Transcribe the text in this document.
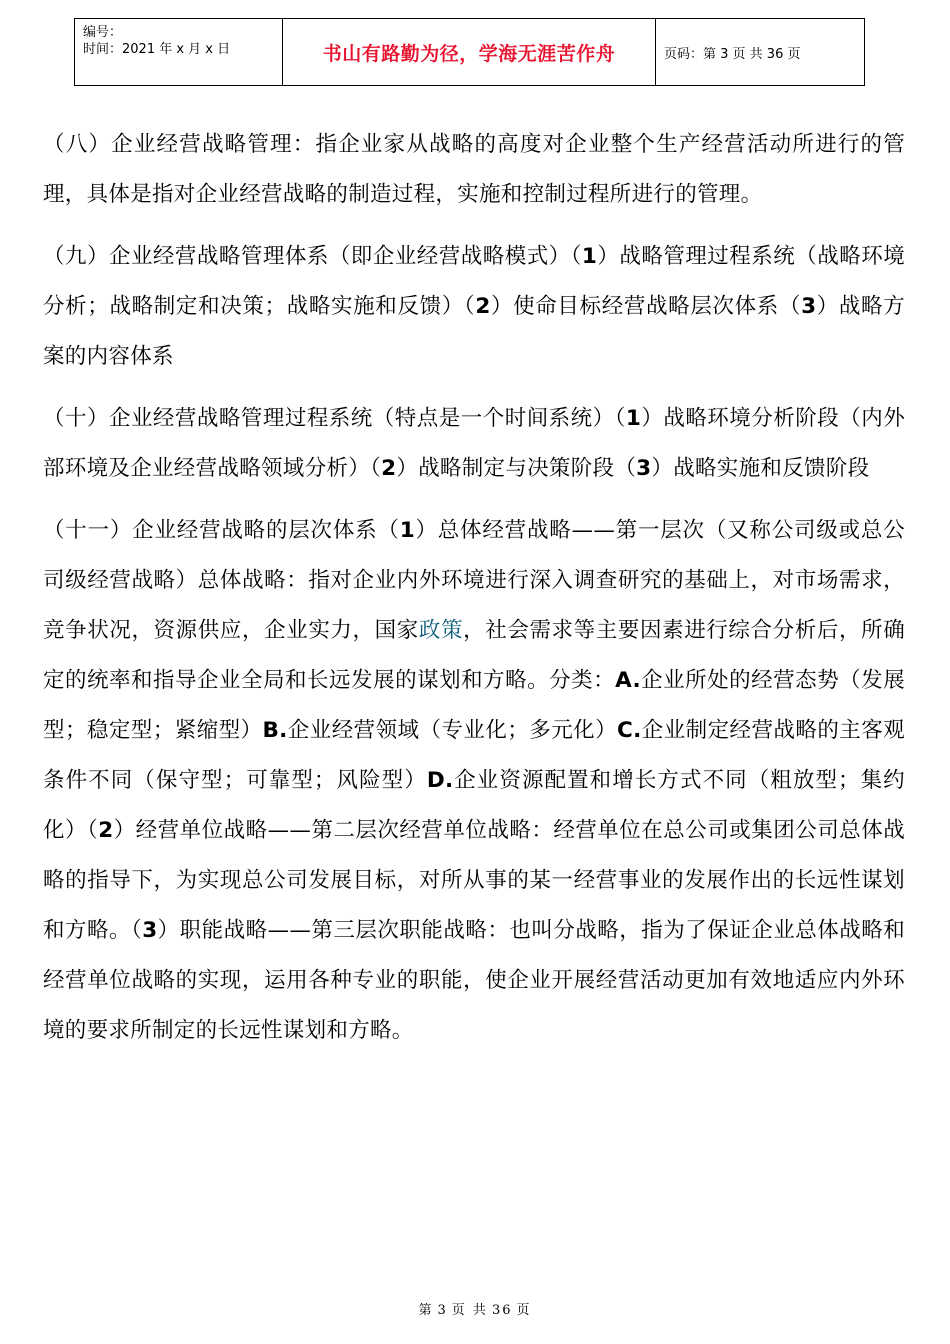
编号：
时间：2021 年 x 月 x 日	书山有路勤为径，学海无涯苦作舟	页码：第 3 页 共 36 页

（八）企业经营战略管理：指企业家从战略的高度对企业整个生产经营活动所进行的管理，具体是指对企业经营战略的制造过程，实施和控制过程所进行的管理。

（九）企业经营战略管理体系（即企业经营战略模式）（1）战略管理过程系统（战略环境分析；战略制定和决策；战略实施和反馈）（2）使命目标经营战略层次体系（3）战略方案的内容体系

（十）企业经营战略管理过程系统（特点是一个时间系统）（1）战略环境分析阶段（内外部环境及企业经营战略领域分析）（2）战略制定与决策阶段（3）战略实施和反馈阶段

（十一）企业经营战略的层次体系（1）总体经营战略——第一层次（又称公司级或总公司级经营战略）总体战略：指对企业内外环境进行深入调查研究的基础上，对市场需求，竞争状况，资源供应，企业实力，国家政策，社会需求等主要因素进行综合分析后，所确定的统率和指导企业全局和长远发展的谋划和方略。分类：A.企业所处的经营态势（发展型；稳定型；紧缩型）B.企业经营领域（专业化；多元化）C.企业制定经营战略的主客观条件不同（保守型；可靠型；风险型）D.企业资源配置和增长方式不同（粗放型；集约化）（2）经营单位战略——第二层次经营单位战略：经营单位在总公司或集团公司总体战略的指导下，为实现总公司发展目标，对所从事的某一经营事业的发展作出的长远性谋划和方略。（3）职能战略——第三层次职能战略：也叫分战略，指为了保证企业总体战略和经营单位战略的实现，运用各种专业的职能，使企业开展经营活动更加有效地适应内外环境的要求所制定的长远性谋划和方略。

第 3 页 共 36 页
